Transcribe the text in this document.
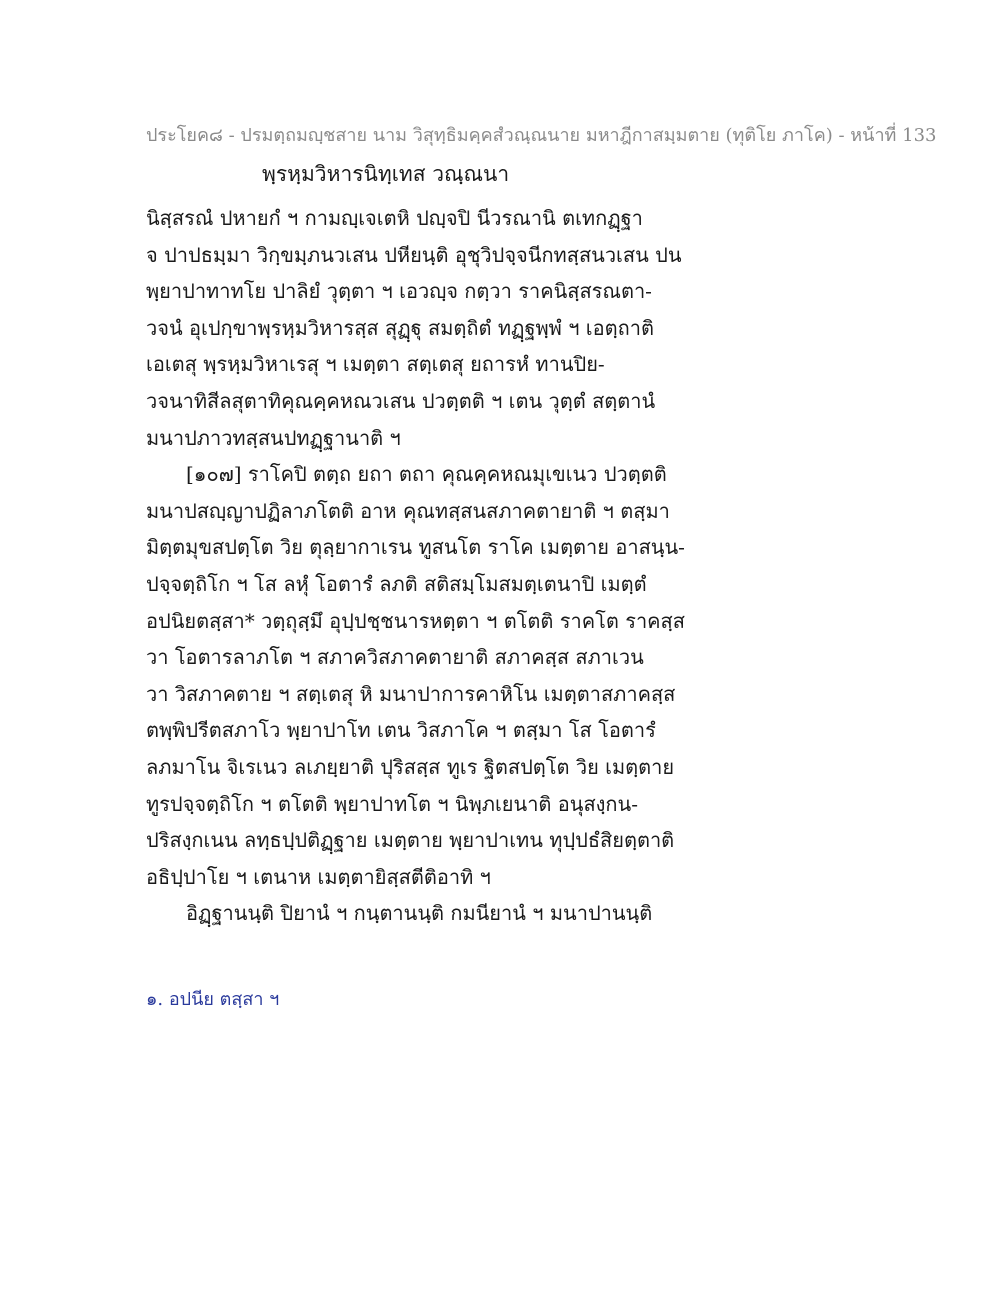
ประโยค๘ - ปรมตฺถมญฺชสาย นาม วิสุทฺธิมคฺคสํวณฺณนาย มหาฎีกาสมฺมตาย (ทุติโย ภาโค) - หน้าที่ 133
พฺรหฺมวิหารนิทฺเทส วณฺณนา
นิสฺสรณํ ปหายกํ ฯ กามญฺเจเตหิ ปญฺจปิ นีวรณานิ ตเทกฏฺฐา
จ ปาปธมฺมา วิกฺขมฺภนวเสน ปหียนฺติ อุชุวิปจฺจนีกทสฺสนวเสน ปน
พฺยาปาทาทโย ปาลิยํ วุตฺตา ฯ เอวญฺจ กตฺวา ราคนิสฺสรณตา-
วจนํ อุเปกฺขาพฺรหฺมวิหารสฺส สุฏฺฐุ สมตฺถิตํ ทฏฺฐพฺพํ ฯ เอตฺถาติ
เอเตสุ พฺรหฺมวิหาเรสุ ฯ เมตฺตา สตฺเตสุ ยถารหํ ทานปิย-
วจนาทิสีลสุตาทิคุณคฺคหณวเสน ปวตฺตติ ฯ เตน วุตฺตํ สตฺตานํ
มนาปภาวทสฺสนปทฏฺฐานาติ ฯ
[๑๐๗] ราโคปิ ตตฺถ ยถา ตถา คุณคฺคหณมุเขเนว ปวตฺตติ
มนาปสญฺญาปฏิลาภโตติ อาห คุณทสฺสนสภาคตายาติ ฯ ตสฺมา
มิตฺตมุขสปตฺโต วิย ตุลฺยากาเรน ทูสนโต ราโค เมตฺตาย อาสนฺน-
ปจฺจตฺถิโก ฯ โส ลหุํ โอตารํ ลภติ สติสมฺโมสมตฺเตนาปิ เมตฺตํ
อปนิยตสฺสา* วตฺถุสฺมึ อุปฺปชฺชนารหตฺตา ฯ ตโตติ ราคโต ราคสฺส
วา โอตารลาภโต ฯ สภาควิสภาคตายาติ สภาคสฺส สภาเวน
วา วิสภาคตาย ฯ สตฺเตสุ หิ มนาปาการคาหิโน เมตฺตาสภาคสฺส
ตพฺพิปรีตสภาโว พฺยาปาโท เตน วิสภาโค ฯ ตสฺมา โส โอตารํ
ลภมาโน จิเรเนว ลเภยฺยาติ ปุริสสฺส ทูเร ฐิตสปตฺโต วิย เมตฺตาย
ทูรปจฺจตฺถิโก ฯ ตโตติ พฺยาปาทโต ฯ นิพฺภเยนาติ อนุสงฺกน-
ปริสงฺกเนน ลทฺธปฺปติฏฺฐาย เมตฺตาย พฺยาปาเทน ทุปฺปธํสิยตฺตาติ
อธิปฺปาโย ฯ เตนาห เมตฺตายิสฺสตีติอาทิ ฯ
อิฏฺฐานนฺติ ปิยานํ ฯ กนฺตานนฺติ กมนียานํ ฯ มนาปานนฺติ
๑. อปนีย ตสฺสา ฯ
